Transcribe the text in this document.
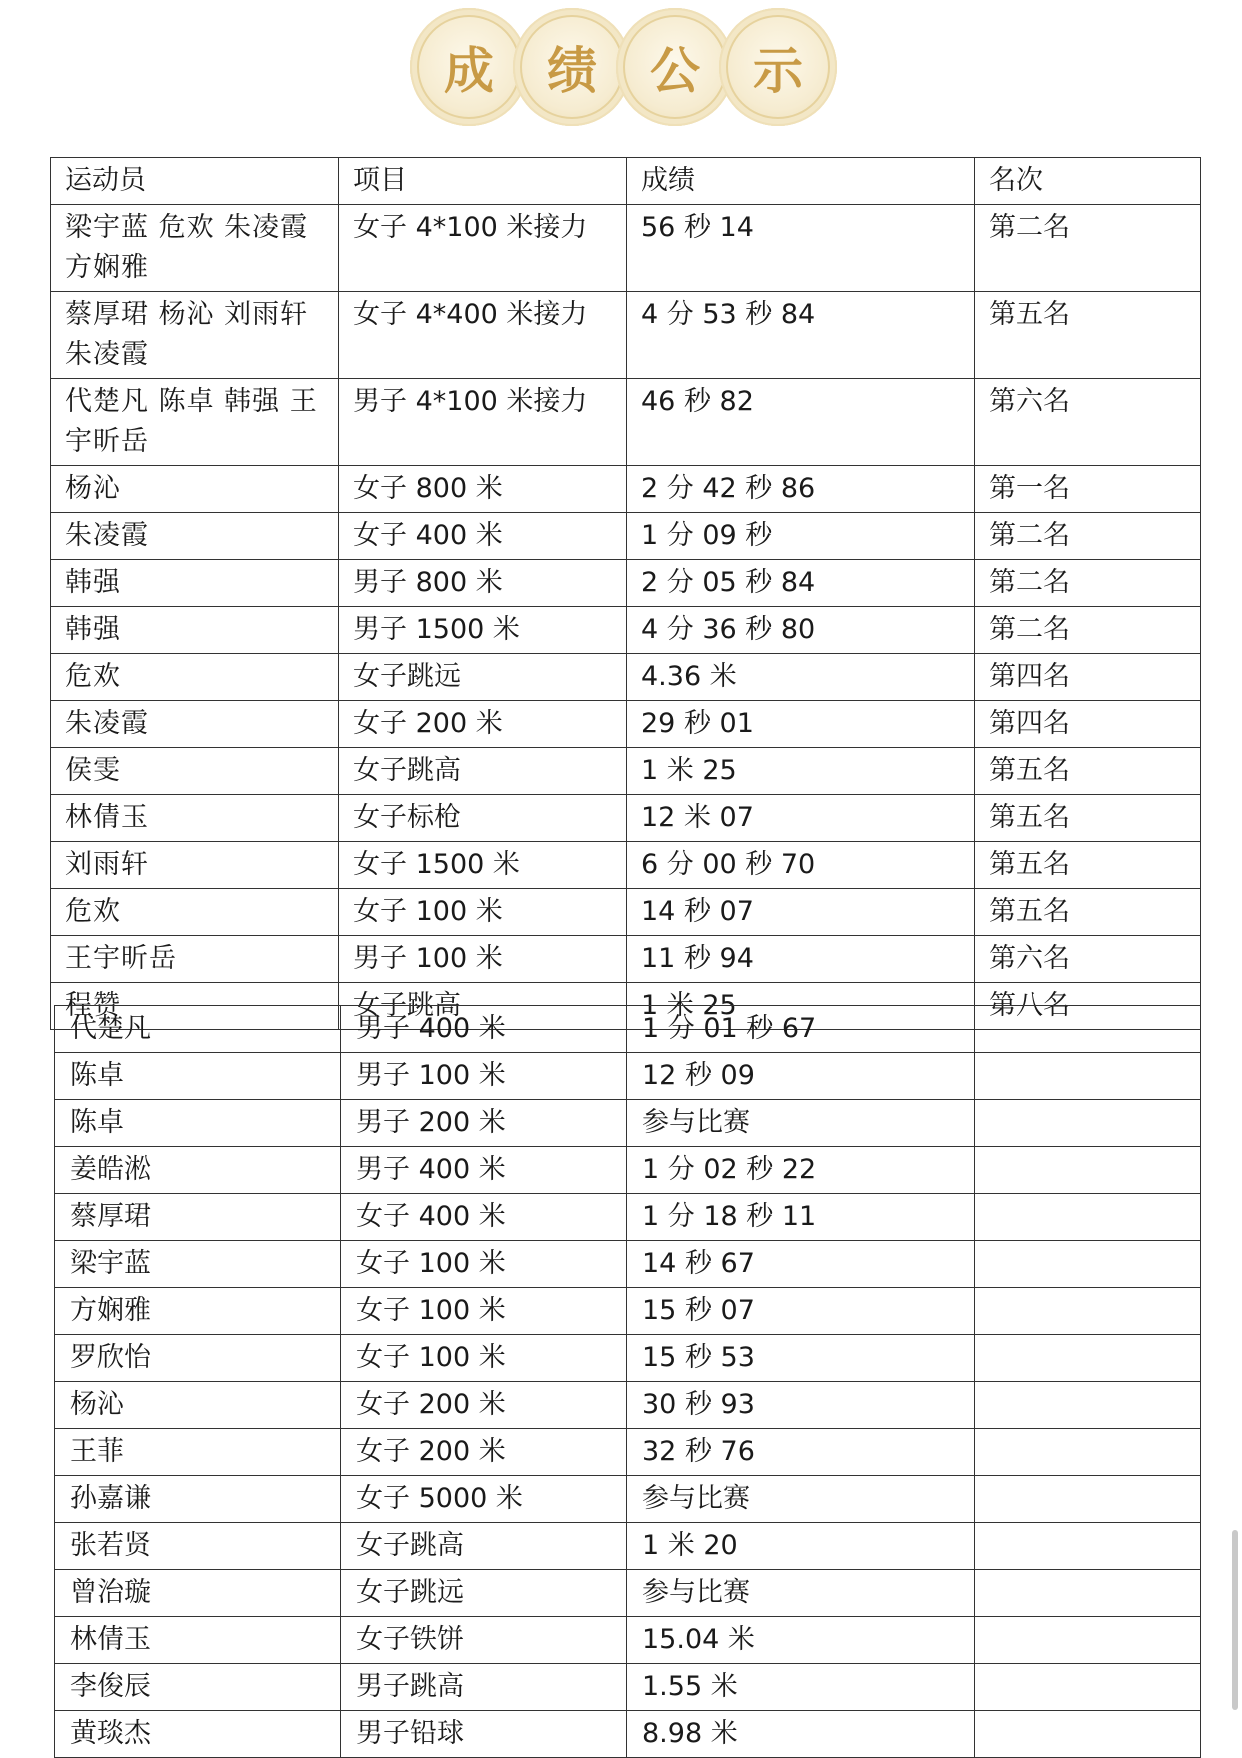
成 绩 公 示
运动员	项目	成绩	名次
梁宇蓝 危欢 朱凌霞 方娴雅	女子 4*100 米接力	56 秒 14	第二名
蔡厚珺 杨沁 刘雨轩 朱凌霞	女子 4*400 米接力	4 分 53 秒 84	第五名
代楚凡 陈卓 韩强 王宇昕岳	男子 4*100 米接力	46 秒 82	第六名
杨沁	女子 800 米	2 分 42 秒 86	第一名
朱凌霞	女子 400 米	1 分 09 秒	第二名
韩强	男子 800 米	2 分 05 秒 84	第二名
韩强	男子 1500 米	4 分 36 秒 80	第二名
危欢	女子跳远	4.36 米	第四名
朱凌霞	女子 200 米	29 秒 01	第四名
侯雯	女子跳高	1 米 25	第五名
林倩玉	女子标枪	12 米 07	第五名
刘雨轩	女子 1500 米	6 分 00 秒 70	第五名
危欢	女子 100 米	14 秒 07	第五名
王宇昕岳	男子 100 米	11 秒 94	第六名
程赞	女子跳高	1 米 25	第八名
代楚凡	男子 400 米	1 分 01 秒 67	
陈卓	男子 100 米	12 秒 09	
陈卓	男子 200 米	参与比赛	
姜皓淞	男子 400 米	1 分 02 秒 22	
蔡厚珺	女子 400 米	1 分 18 秒 11	
梁宇蓝	女子 100 米	14 秒 67	
方娴雅	女子 100 米	15 秒 07	
罗欣怡	女子 100 米	15 秒 53	
杨沁	女子 200 米	30 秒 93	
王菲	女子 200 米	32 秒 76	
孙嘉谦	女子 5000 米	参与比赛	
张若贤	女子跳高	1 米 20	
曾治璇	女子跳远	参与比赛	
林倩玉	女子铁饼	15.04 米	
李俊辰	男子跳高	1.55 米	
黄琰杰	男子铅球	8.98 米	
